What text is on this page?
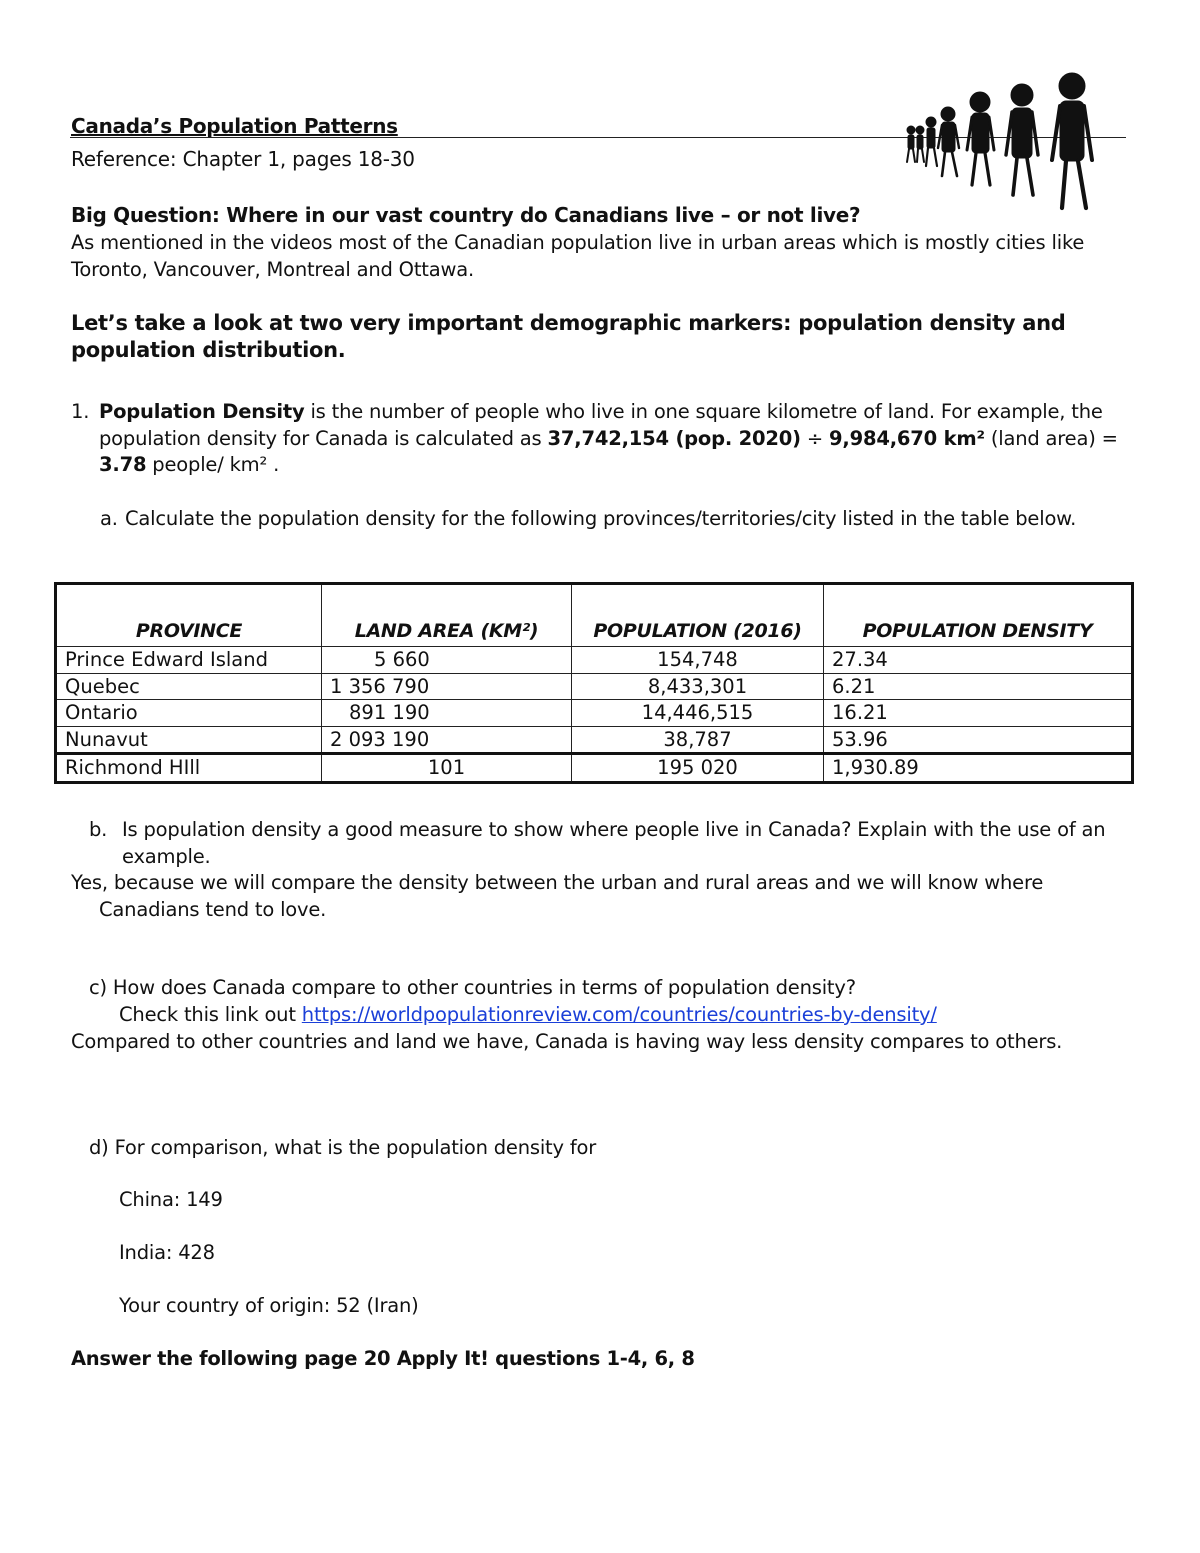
Canada’s Population Patterns
Reference: Chapter 1, pages 18-30
Big Question: Where in our vast country do Canadians live – or not live?
As mentioned in the videos most of the Canadian population live in urban areas which is mostly cities like Toronto, Vancouver, Montreal and Ottawa.
Let’s take a look at two very important demographic markers: population density and population distribution.
1. Population Density is the number of people who live in one square kilometre of land. For example, the population density for Canada is calculated as 37,742,154 (pop. 2020) ÷ 9,984,670 km² (land area) = 3.78 people/ km² .
a. Calculate the population density for the following provinces/territories/city listed in the table below.
PROVINCE	LAND AREA (KM²)	POPULATION (2016)	POPULATION DENSITY
Prince Edward Island	5 660	154,748	27.34
Quebec	1 356 790	8,433,301	6.21
Ontario	891 190	14,446,515	16.21
Nunavut	2 093 190	38,787	53.96
Richmond HIll	101	195 020	1,930.89
b. Is population density a good measure to show where people live in Canada? Explain with the use of an example.
Yes, because we will compare the density between the urban and rural areas and we will know where
Canadians tend to love.
c) How does Canada compare to other countries in terms of population density?
Check this link out https://worldpopulationreview.com/countries/countries-by-density/
Compared to other countries and land we have, Canada is having way less density compares to others.
d) For comparison, what is the population density for
China: 149
India: 428
Your country of origin: 52 (Iran)
Answer the following page 20 Apply It! questions 1-4, 6, 8
